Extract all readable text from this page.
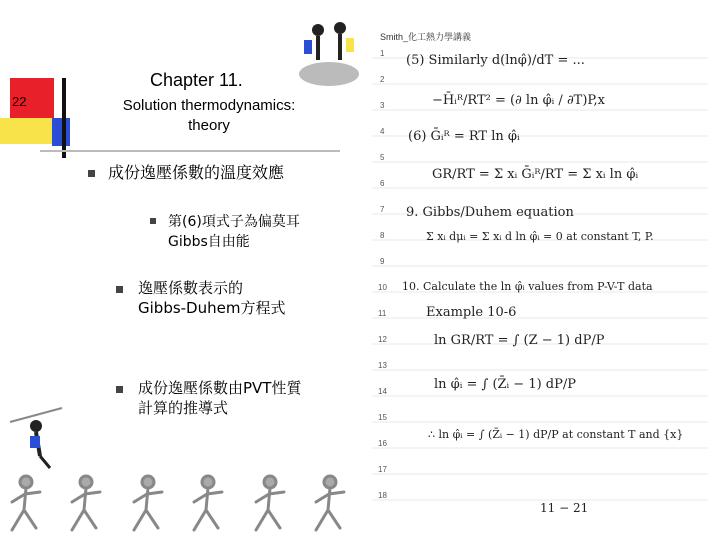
22
Chapter 11.
Solution thermodynamics:
theory
成份逸壓係數的溫度效應
第(6)項式子為偏莫耳
Gibbs自由能
逸壓係數表示的
Gibbs-Duhem方程式
成份逸壓係數由PVT性質
計算的推導式
Smith_化工熱力學講義
1
2
3
4
5
6
7
8
9
10
11
12
13
14
15
16
17
18
(5) Similarly d(lnφ̂)/dT = ...
−H̄ᵢᴿ/RT² = (∂ ln φ̂ᵢ / ∂T)P,x
(6) Ḡᵢᴿ = RT ln φ̂ᵢ
GR/RT = Σ xᵢ Ḡᵢᴿ/RT = Σ xᵢ ln φ̂ᵢ
9. Gibbs/Duhem equation
Σ xᵢ dμᵢ = Σ xᵢ d ln φ̂ᵢ = 0 at constant T, P.
10. Calculate the ln φ̂ᵢ values from P-V-T data
Example 10-6
ln GR/RT = ∫ (Z − 1) dP/P
ln φ̂ᵢ = ∫ (Z̄ᵢ − 1) dP/P
∴ ln φ̂ᵢ = ∫ (Z̄ᵢ − 1) dP/P at constant T and {x}
11 − 21
